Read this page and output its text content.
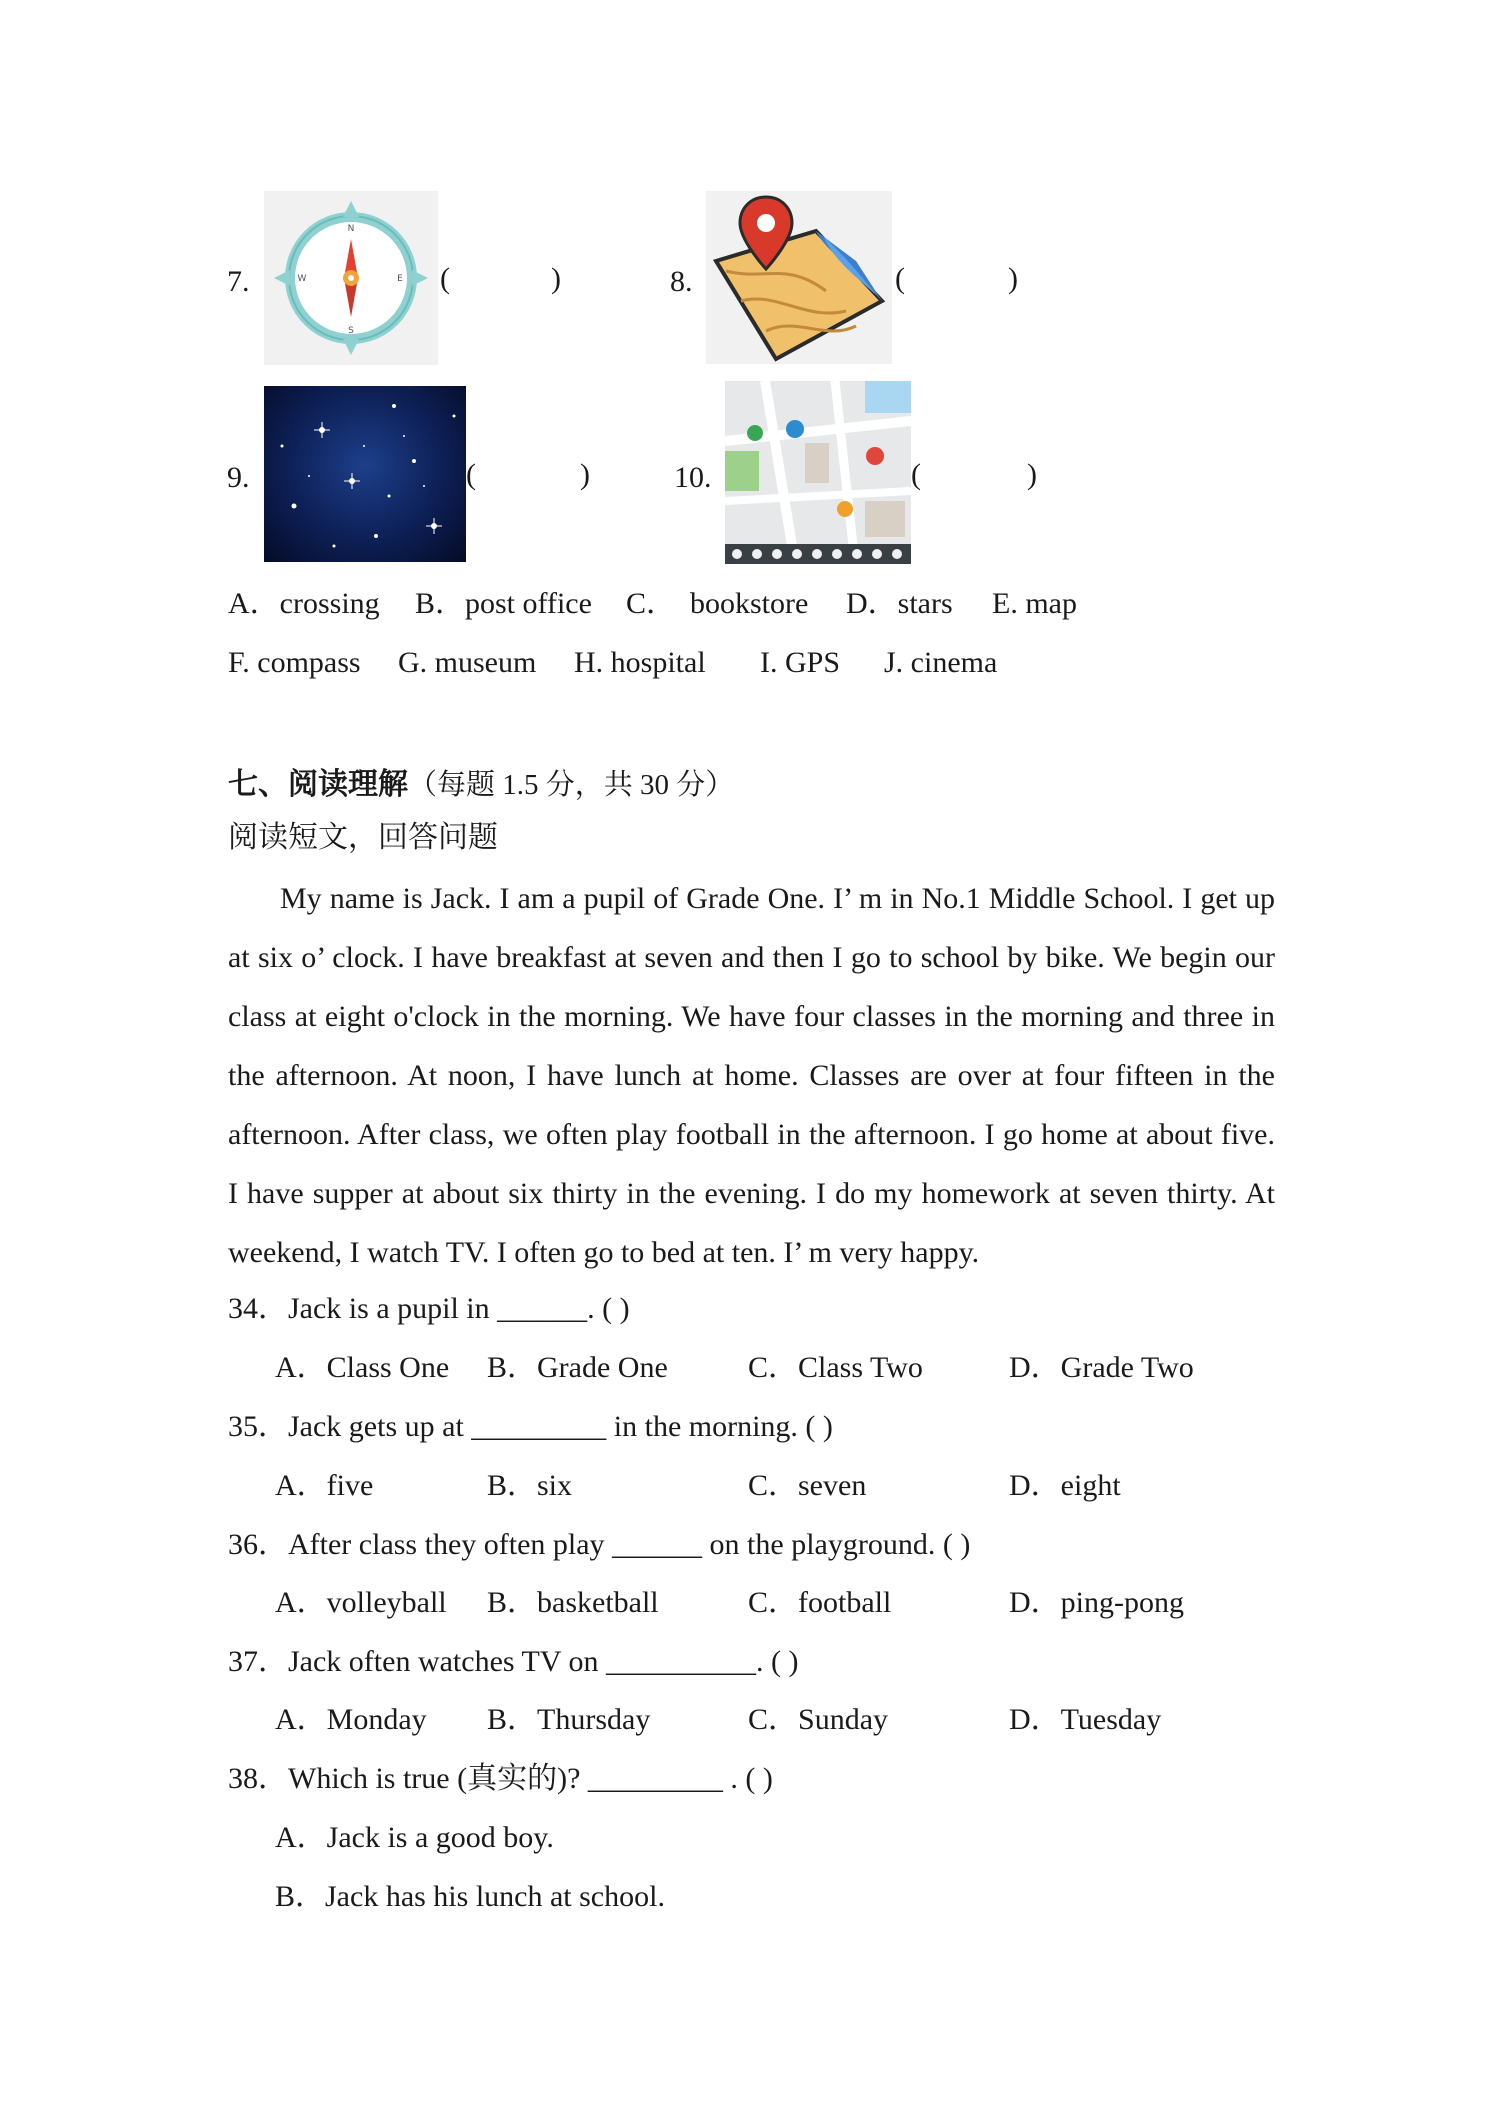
7.
N
S
W	E (	)	8.	(	)
9.	(	)	10.	(	)
A．crossing B．post office C． bookstore D．stars E. map
F. compass G. museum H. hospital I. GPS J. cinema
七、阅读理解（每题 1.5 分，共 30 分）
阅读短文，回答问题
My name is Jack. I am a pupil of Grade One. I’ m in No.1 Middle School. I get up
at six o’ clock. I have breakfast at seven and then I go to school by bike. We begin our
class at eight o'clock in the morning. We have four classes in the morning and three in
the afternoon. At noon, I have lunch at home. Classes are over at four fifteen in the
afternoon. After class, we often play football in the afternoon. I go home at about five.
I have supper at about six thirty in the evening. I do my homework at seven thirty. At
weekend, I watch TV. I often go to bed at ten. I’ m very happy.
34．Jack is a pupil in ______. ( )
A．Class One B．Grade One	C．Class Two	D．Grade Two
35．Jack gets up at _________ in the morning. ( )
A．five	B．six	C．seven	D．eight
36．After class they often play ______ on the playground. ( )
A．volleyball B．basketball	C．football	D．ping-pong
37．Jack often watches TV on __________. ( )
A．Monday B．Thursday	C．Sunday	D．Tuesday
38．Which is true (真实的)? _________ . ( )
A．Jack is a good boy.
B．Jack has his lunch at school.
